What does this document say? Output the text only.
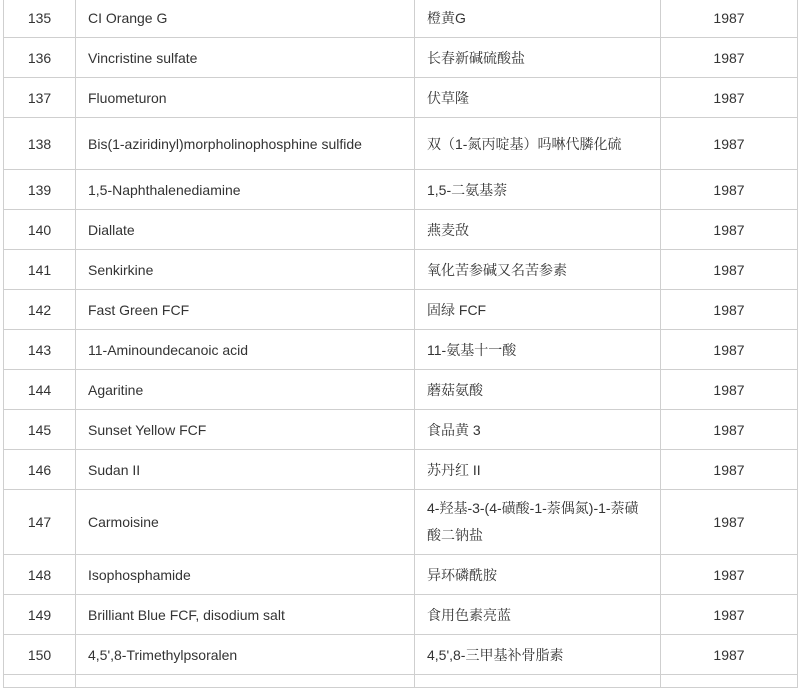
135	CI Orange G	橙黄G	1987
136	Vincristine sulfate	长春新碱硫酸盐	1987
137	Fluometuron	伏草隆	1987
138	Bis(1-aziridinyl)morpholinophosphine sulfide	双（1-氮丙啶基）吗啉代膦化硫	1987
139	1,5-Naphthalenediamine	1,5-二氨基萘	1987
140	Diallate	燕麦敌	1987
141	Senkirkine	氧化苦参碱又名苦参素	1987
142	Fast Green FCF	固绿 FCF	1987
143	11-Aminoundecanoic acid	11-氨基十一酸	1987
144	Agaritine	蘑菇氨酸	1987
145	Sunset Yellow FCF	食品黄 3	1987
146	Sudan II	苏丹红 II	1987
147	Carmoisine	4-羟基-3-(4-磺酸-1-萘偶氮)-1-萘磺酸二钠盐	1987
148	Isophosphamide	异环磷酰胺	1987
149	Brilliant Blue FCF, disodium salt	食用色素亮蓝	1987
150	4,5',8-Trimethylpsoralen	4,5',8-三甲基补骨脂素	1987
